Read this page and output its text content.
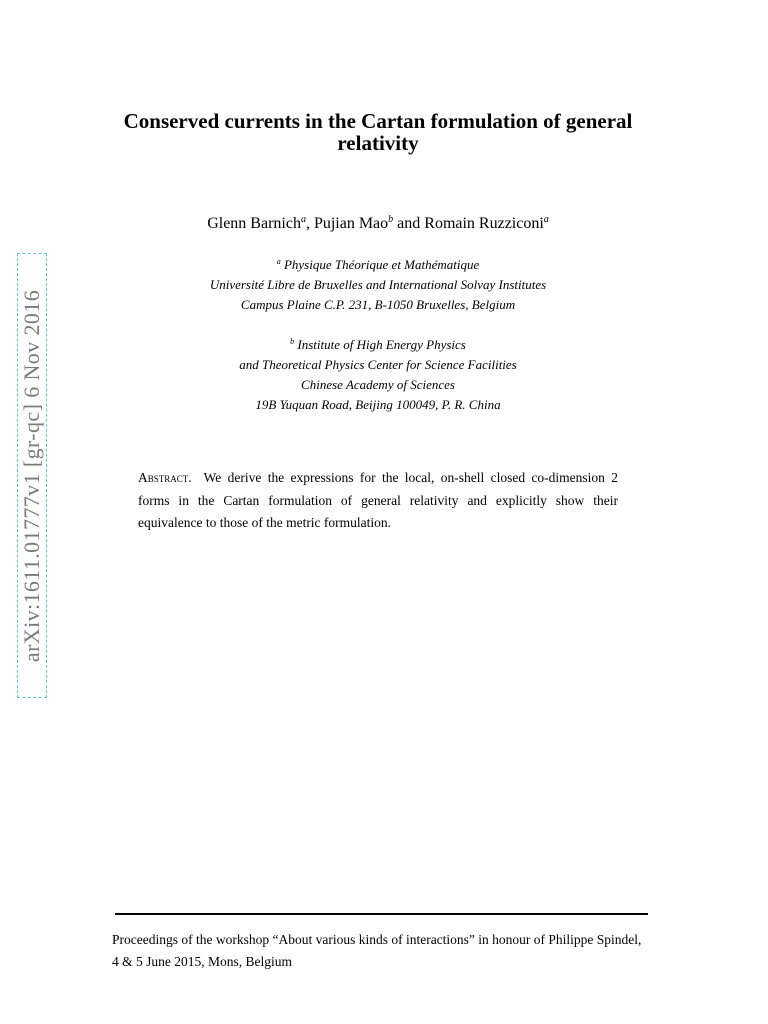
arXiv:1611.01777v1 [gr-qc] 6 Nov 2016
Conserved currents in the Cartan formulation of general relativity
Glenn Barnich$^a$, Pujian Mao$^b$ and Romain Ruzziconi$^a$
$^a$ Physique Théorique et Mathématique
Université Libre de Bruxelles and International Solvay Institutes
Campus Plaine C.P. 231, B-1050 Bruxelles, Belgium
$^b$ Institute of High Energy Physics
and Theoretical Physics Center for Science Facilities
Chinese Academy of Sciences
19B Yuquan Road, Beijing 100049, P. R. China

Abstract. We derive the expressions for the local, on-shell closed co-dimension 2 forms in the Cartan formulation of general relativity and explicitly show their equivalence to those of the metric formulation.

Proceedings of the workshop “About various kinds of interactions” in honour of Philippe Spindel, 4 & 5 June 2015, Mons, Belgium
